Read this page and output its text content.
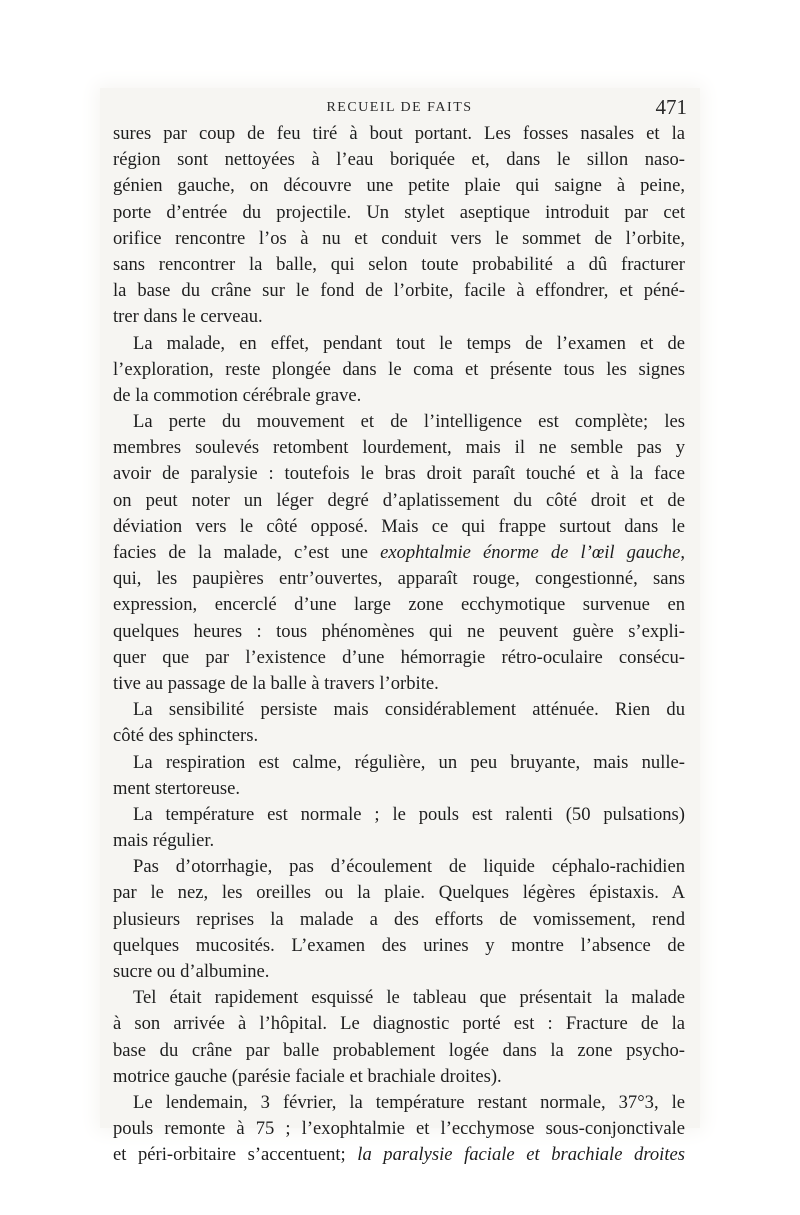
RECUEIL DE FAITS	471
sures par coup de feu tiré à bout portant. Les fosses nasales et la
région sont nettoyées à l’eau boriquée et, dans le sillon naso-
génien gauche, on découvre une petite plaie qui saigne à peine,
porte d’entrée du projectile. Un stylet aseptique introduit par cet
orifice rencontre l’os à nu et conduit vers le sommet de l’orbite,
sans rencontrer la balle, qui selon toute probabilité a dû fracturer
la base du crâne sur le fond de l’orbite, facile à effondrer, et péné-
trer dans le cerveau.
La malade, en effet, pendant tout le temps de l’examen et de
l’exploration, reste plongée dans le coma et présente tous les signes
de la commotion cérébrale grave.
La perte du mouvement et de l’intelligence est complète; les
membres soulevés retombent lourdement, mais il ne semble pas y
avoir de paralysie : toutefois le bras droit paraît touché et à la face
on peut noter un léger degré d’aplatissement du côté droit et de
déviation vers le côté opposé. Mais ce qui frappe surtout dans le
facies de la malade, c’est une exophtalmie énorme de l’œil gauche,
qui, les paupières entr’ouvertes, apparaît rouge, congestionné, sans
expression, encerclé d’une large zone ecchymotique survenue en
quelques heures : tous phénomènes qui ne peuvent guère s’expli-
quer que par l’existence d’une hémorragie rétro-oculaire consécu-
tive au passage de la balle à travers l’orbite.
La sensibilité persiste mais considérablement atténuée. Rien du
côté des sphincters.
La respiration est calme, régulière, un peu bruyante, mais nulle-
ment stertoreuse.
La température est normale ; le pouls est ralenti (50 pulsations)
mais régulier.
Pas d’otorrhagie, pas d’écoulement de liquide céphalo-rachidien
par le nez, les oreilles ou la plaie. Quelques légères épistaxis. A
plusieurs reprises la malade a des efforts de vomissement, rend
quelques mucosités. L’examen des urines y montre l’absence de
sucre ou d’albumine.
Tel était rapidement esquissé le tableau que présentait la malade
à son arrivée à l’hôpital. Le diagnostic porté est : Fracture de la
base du crâne par balle probablement logée dans la zone psycho-
motrice gauche (parésie faciale et brachiale droites).
Le lendemain, 3 février, la température restant normale, 37°3, le
pouls remonte à 75 ; l’exophtalmie et l’ecchymose sous-conjonctivale
et péri-orbitaire s’accentuent; la paralysie faciale et brachiale droites
